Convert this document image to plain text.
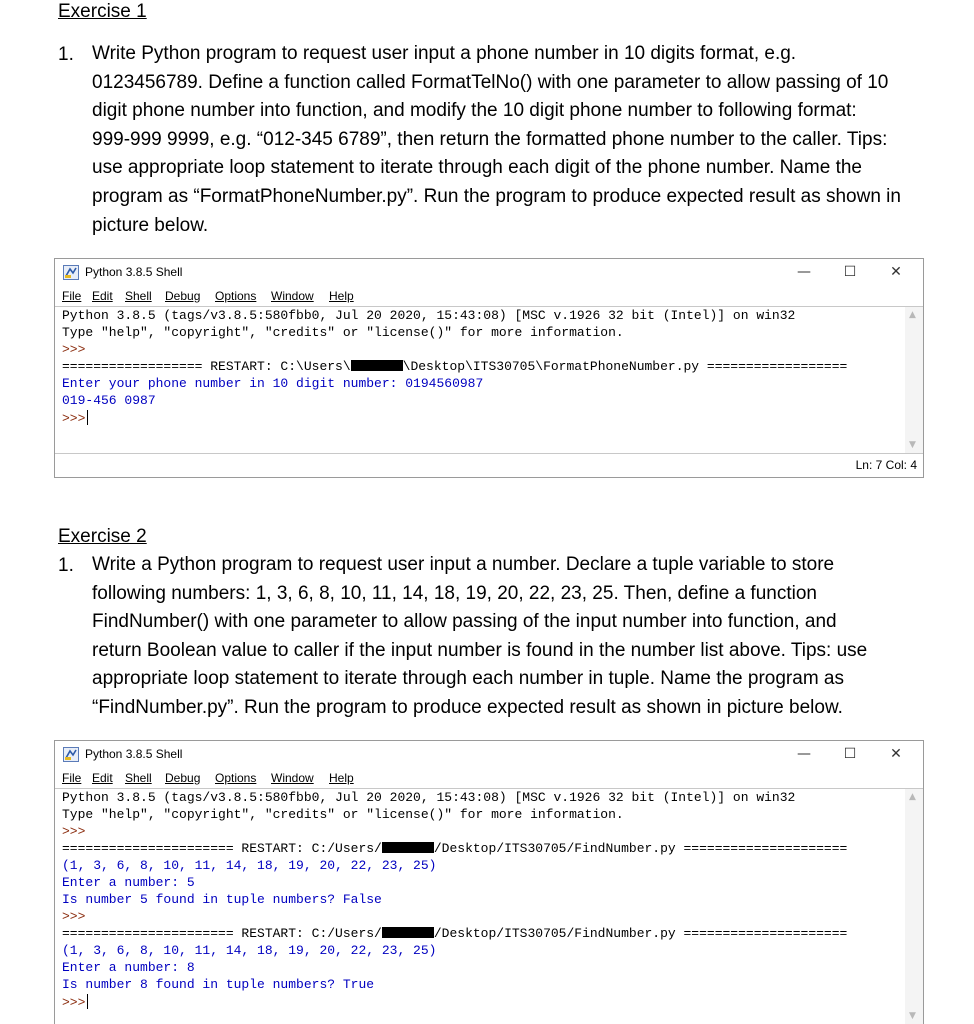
Exercise 1
1. Write Python program to request user input a phone number in 10 digits format, e.g.
0123456789. Define a function called FormatTelNo() with one parameter to allow passing of 10
digit phone number into function, and modify the 10 digit phone number to following format:
999-999 9999, e.g. “012-345 6789”, then return the formatted phone number to the caller. Tips:
use appropriate loop statement to iterate through each digit of the phone number. Name the
program as “FormatPhoneNumber.py”. Run the program to produce expected result as shown in
picture below.
Python 3.8.5 Shell	—	☐	✕
File Edit Shell Debug Options Window Help
Python 3.8.5 (tags/v3.8.5:580fbb0, Jul 20 2020, 15:43:08) [MSC v.1926 32 bit (Intel)] on win32
Type "help", "copyright", "credits" or "license()" for more information.
>>>
================== RESTART: C:\Users\	\Desktop\ITS30705\FormatPhoneNumber.py ==================
Enter your phone number in 10 digit number: 0194560987
019-456 0987
>>>
▲
▼
Ln: 7 Col: 4
Exercise 2
1. Write a Python program to request user input a number. Declare a tuple variable to store
following numbers: 1, 3, 6, 8, 10, 11, 14, 18, 19, 20, 22, 23, 25. Then, define a function
FindNumber() with one parameter to allow passing of the input number into function, and
return Boolean value to caller if the input number is found in the number list above. Tips: use
appropriate loop statement to iterate through each number in tuple. Name the program as
“FindNumber.py”. Run the program to produce expected result as shown in picture below.
Python 3.8.5 Shell	—	☐	✕
File Edit Shell Debug Options Window Help
Python 3.8.5 (tags/v3.8.5:580fbb0, Jul 20 2020, 15:43:08) [MSC v.1926 32 bit (Intel)] on win32
Type "help", "copyright", "credits" or "license()" for more information.
>>>
====================== RESTART: C:/Users/	/Desktop/ITS30705/FindNumber.py =====================
(1, 3, 6, 8, 10, 11, 14, 18, 19, 20, 22, 23, 25)
Enter a number: 5
Is number 5 found in tuple numbers? False
>>>
====================== RESTART: C:/Users/	/Desktop/ITS30705/FindNumber.py =====================
(1, 3, 6, 8, 10, 11, 14, 18, 19, 20, 22, 23, 25)
Enter a number: 8
Is number 8 found in tuple numbers? True
>>>
▲
▼
